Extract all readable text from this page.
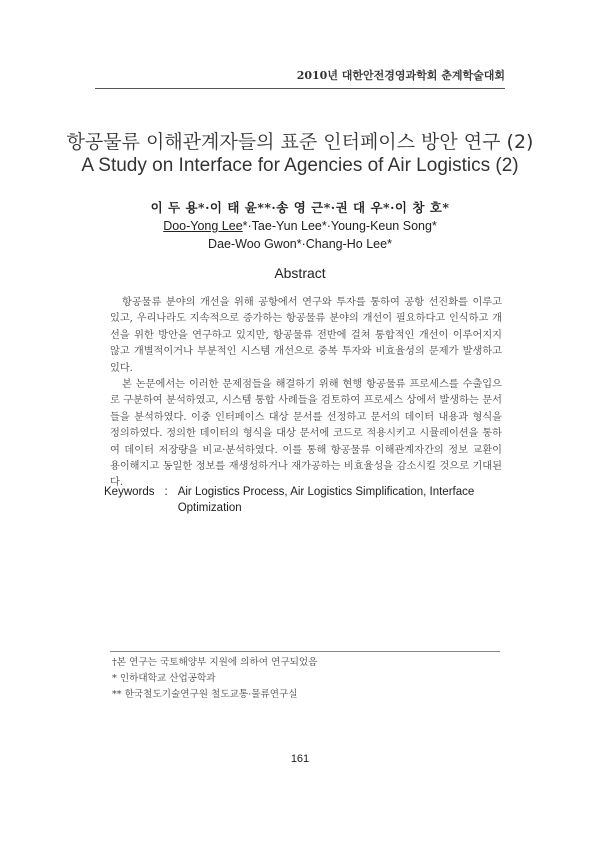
2010년 대한안전경영과학회 춘계학술대회
항공물류 이해관계자들의 표준 인터페이스 방안 연구 (2)
A Study on Interface for Agencies of Air Logistics (2)
이 두 용*·이 태 윤**·송 영 근*·권 대 우*·이 창 호*
Doo-Yong Lee*·Tae-Yun Lee*·Young-Keun Song*
Dae-Woo Gwon*·Chang-Ho Lee*
Abstract

항공물류 분야의 개선을 위해 공항에서 연구와 투자를 통하여 공항 선진화를 이루고 있고, 우리나라도 지속적으로 증가하는 항공물류 분야의 개선이 필요하다고 인식하고 개선을 위한 방안을 연구하고 있지만, 항공물류 전반에 걸쳐 통합적인 개선이 이루어지지 않고 개별적이거나 부분적인 시스템 개선으로 중복 투자와 비효율성의 문제가 발생하고 있다.

본 논문에서는 이러한 문제점들을 해결하기 위해 현행 항공물류 프로세스를 수출입으로 구분하여 분석하였고, 시스템 통합 사례들을 검토하여 프로세스 상에서 발생하는 문서들을 분석하였다. 이중 인터페이스 대상 문서를 선정하고 문서의 데이터 내용과 형식을 정의하였다. 정의한 데이터의 형식을 대상 문서에 코드로 적용시키고 시뮬레이션을 통하여 데이터 저장량을 비교·분석하였다. 이를 통해 항공물류 이해관계자간의 정보 교환이 용이해지고 동일한 정보를 재생성하거나 재가공하는 비효율성을 감소시킬 것으로 기대된다.

Keywords : Air Logistics Process, Air Logistics Simplification, Interface Optimization
†본 연구는 국토해양부 지원에 의하여 연구되었음
* 인하대학교 산업공학과
** 한국철도기술연구원 철도교통·물류연구실
161
